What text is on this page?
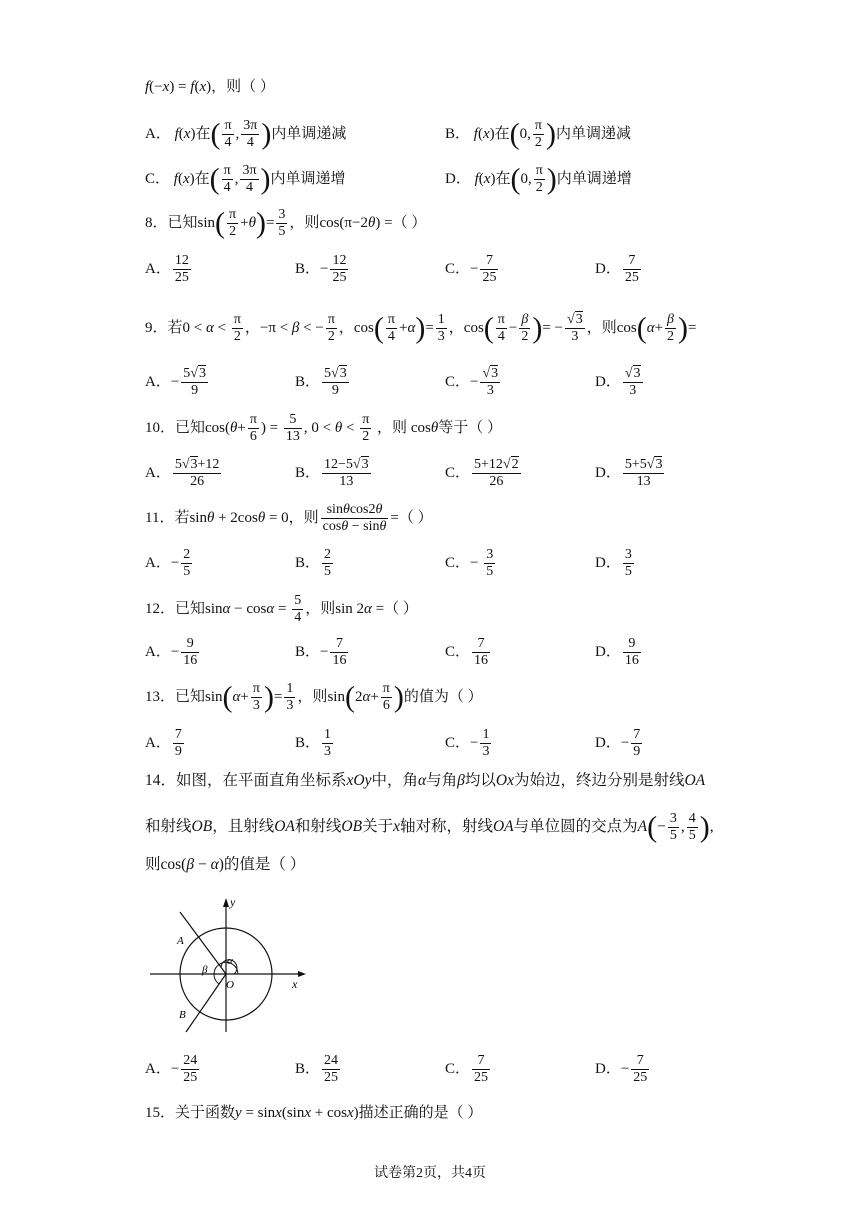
f(−x) = f(x)，则（ ）
A． f(x)在( $\frac{\pi}{4}$ , $\frac{3\pi}{4}$ )内单调递减	B． f(x)在(0, $\frac{\pi}{2}$ )内单调递减
C． f(x)在( $\frac{\pi}{4}$ , $\frac{3\pi}{4}$ )内单调递增	D． f(x)在(0, $\frac{\pi}{2}$ )内单调递增
8．已知$\sin( \frac{\pi}{2} +\theta)= \frac{3}{5}$ ，则cos(π−2θ) =（ ）
A． $\frac{12}{25}$	B．− $\frac{12}{25}$	C．− $\frac{7}{25}$	D． $\frac{7}{25}$
9．若$0 < \alpha < \frac{\pi}{2}$ ，−π < β < − $\frac{\pi}{2}$ ，$\cos( \frac{\pi}{4} +\alpha)= \frac{1}{3}$ ，$\cos( \frac{\pi}{4} - \frac{\beta}{2}$ )= − $\frac{√3}{3}$ ，则$\cos(\alpha+ \frac{\beta}{2}$ )=
A．− $\frac{5√3}{9}$	B． $\frac{5√3}{9}$	C．− $\frac{√3}{3}$	D． $\frac{√3}{3}$
10．已知$\cos(\theta+ \frac{\pi}{6}$ ) = $\frac{5}{13}$ , $0 < \theta < \frac{\pi}{2}$ ，则 cosθ等于（ ）
A． $\frac{5√3+12}{26}$	B． $\frac{12-5√3}{13}$	C． $\frac{5+12√2}{26}$	D． $\frac{5+5√3}{13}$
11．若sinθ + 2cosθ = 0，则 $\frac{\sin\theta\cos 2\theta}{\cos\theta - \sin\theta}$ =（ ）
A．− $\frac{2}{5}$	B． $\frac{2}{5}$	C．− $\frac{3}{5}$	D． $\frac{3}{5}$
12．已知$\sin\alpha - \cos\alpha = \frac{5}{4}$ ，则sin 2α =（ ）
A．− $\frac{9}{16}$	B．− $\frac{7}{16}$	C． $\frac{7}{16}$	D． $\frac{9}{16}$
13．已知$\sin(\alpha+ \frac{\pi}{3}$ )= $\frac{1}{3}$ ，则$\sin(2\alpha+ \frac{\pi}{6}$ )的值为（ ）
A． $\frac{7}{9}$	B． $\frac{1}{3}$	C．− $\frac{1}{3}$	D．− $\frac{7}{9}$
14．如图，在平面直角坐标系xOy中，角α与角β均以Ox为始边，终边分别是射线OA
和射线OB，且射线OA和射线OB关于x轴对称，射线OA与单位圆的交点为$A(- \frac{3}{5}$ , $\frac{4}{5}$ ),
则cos(β − α)的值是（ ）
y
x
O
A
B
α
β
A．− $\frac{24}{25}$	B． $\frac{24}{25}$	C． $\frac{7}{25}$	D．− $\frac{7}{25}$
15．关于函数y = sinx(sinx + cosx)描述正确的是（ ）
试卷第2页，共4页
